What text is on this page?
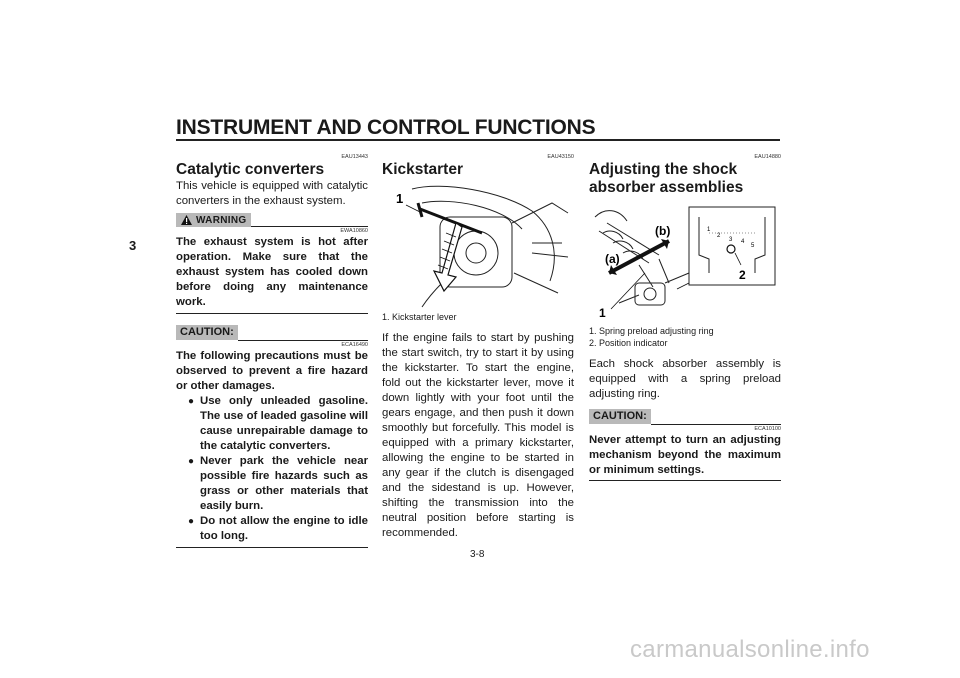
INSTRUMENT AND CONTROL FUNCTIONS
3
EAU13443
Catalytic converters

This vehicle is equipped with catalytic converters in the exhaust system.

WARNING
EWA10860

The exhaust system is hot after operation. Make sure that the exhaust system has cooled down before doing any maintenance work.

CAUTION:
ECA16490

The following precautions must be observed to prevent a fire hazard or other damages.

● Use only unleaded gasoline. The use of leaded gasoline will cause unrepairable damage to the catalytic converters.
● Never park the vehicle near possible fire hazards such as grass or other materials that easily burn.
● Do not allow the engine to idle too long.
EAU43150
Kickstarter
1
1. Kickstarter lever

If the engine fails to start by pushing the start switch, try to start it by using the kickstarter. To start the engine, fold out the kickstarter lever, move it down lightly with your foot until the gears engage, and then push it down smoothly but forcefully. This model is equipped with a primary kickstarter, allowing the engine to be started in any gear if the clutch is disengaged and the sidestand is up. However, shifting the transmission into the neutral position before starting is recommended.

EAU14880
Adjusting the shock absorber assemblies
(b)
(a)
1
1
2
3 4
5
2
1. Spring preload adjusting ring
2. Position indicator

Each shock absorber assembly is equipped with a spring preload adjusting ring.

CAUTION:
ECA10100

Never attempt to turn an adjusting mechanism beyond the maximum or minimum settings.

3-8
carmanualsonline.info
